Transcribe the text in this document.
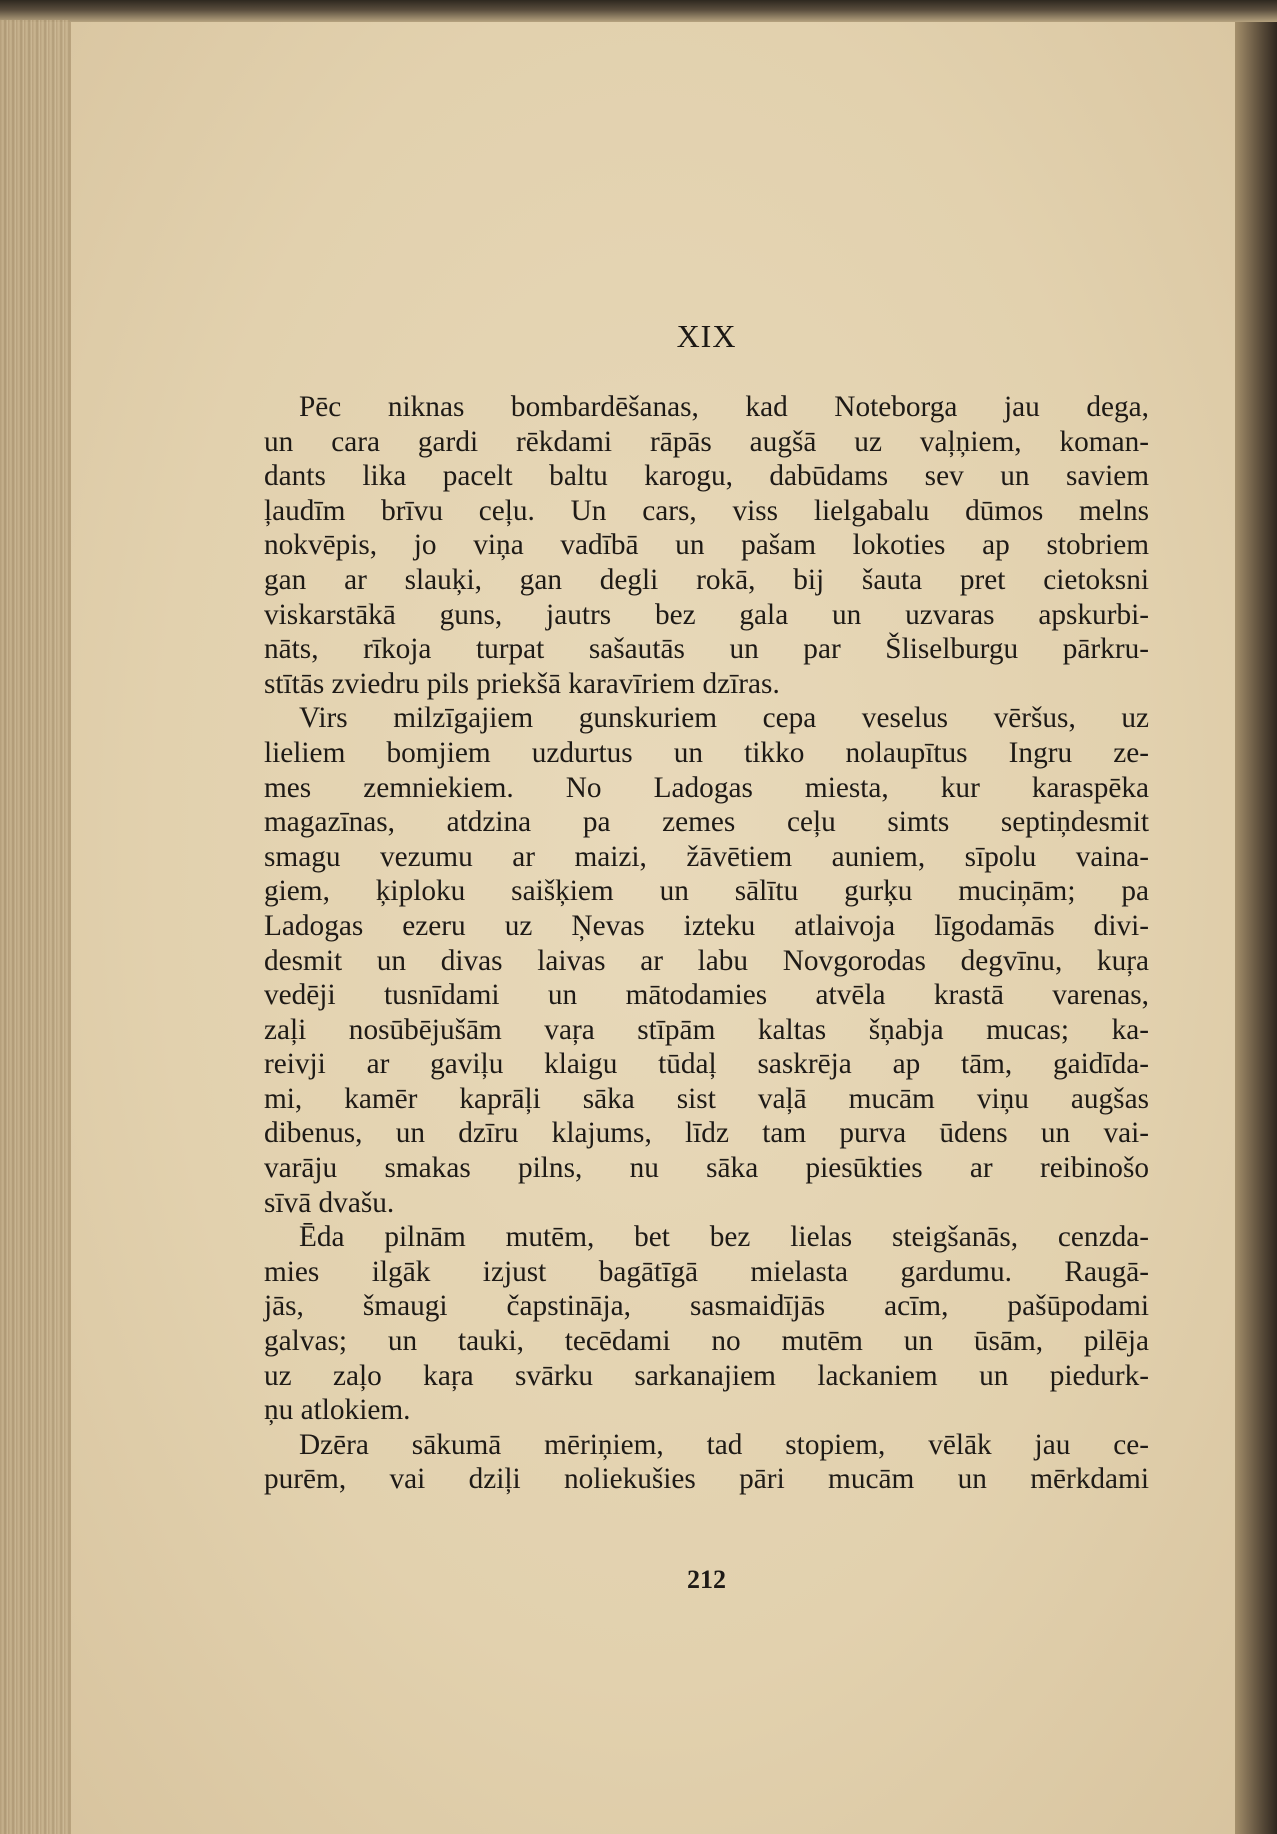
XIX
Pēc niknas bombardēšanas, kad Noteborga jau dega,
un cara gardi rēkdami rāpās augšā uz vaļņiem, koman-
dants lika pacelt baltu karogu, dabūdams sev un saviem
ļaudīm brīvu ceļu. Un cars, viss lielgabalu dūmos melns
nokvēpis, jo viņa vadībā un pašam lokoties ap stobriem
gan ar slauķi, gan degli rokā, bij šauta pret cietoksni
viskarstākā guns, jautrs bez gala un uzvaras apskurbi-
nāts, rīkoja turpat sašautās un par Šliselburgu pārkru-
stītās zviedru pils priekšā karavīriem dzīras.
Virs milzīgajiem gunskuriem cepa veselus vēršus, uz
lieliem bomjiem uzdurtus un tikko nolaupītus Ingru ze-
mes zemniekiem. No Ladogas miesta, kur karaspēka
magazīnas, atdzina pa zemes ceļu simts septiņdesmit
smagu vezumu ar maizi, žāvētiem auniem, sīpolu vaina-
giem, ķiploku saišķiem un sālītu gurķu muciņām; pa
Ladogas ezeru uz Ņevas izteku atlaivoja līgodamās divi-
desmit un divas laivas ar labu Novgorodas degvīnu, kuŗa
vedēji tusnīdami un mātodamies atvēla krastā varenas,
zaļi nosūbējušām vaŗa stīpām kaltas šņabja mucas; ka-
reivji ar gaviļu klaigu tūdaļ saskrēja ap tām, gaidīda-
mi, kamēr kaprāļi sāka sist vaļā mucām viņu augšas
dibenus, un dzīru klajums, līdz tam purva ūdens un vai-
varāju smakas pilns, nu sāka piesūkties ar reibinošo
sīvā dvašu.
Ēda pilnām mutēm, bet bez lielas steigšanās, cenzda-
mies ilgāk izjust bagātīgā mielasta gardumu. Raugā-
jās, šmaugi čapstināja, sasmaidījās acīm, pašūpodami
galvas; un tauki, tecēdami no mutēm un ūsām, pilēja
uz zaļo kaŗa svārku sarkanajiem lackaniem un piedurk-
ņu atlokiem.
Dzēra sākumā mēriņiem, tad stopiem, vēlāk jau ce-
purēm, vai dziļi noliekušies pāri mucām un mērkdami
212
